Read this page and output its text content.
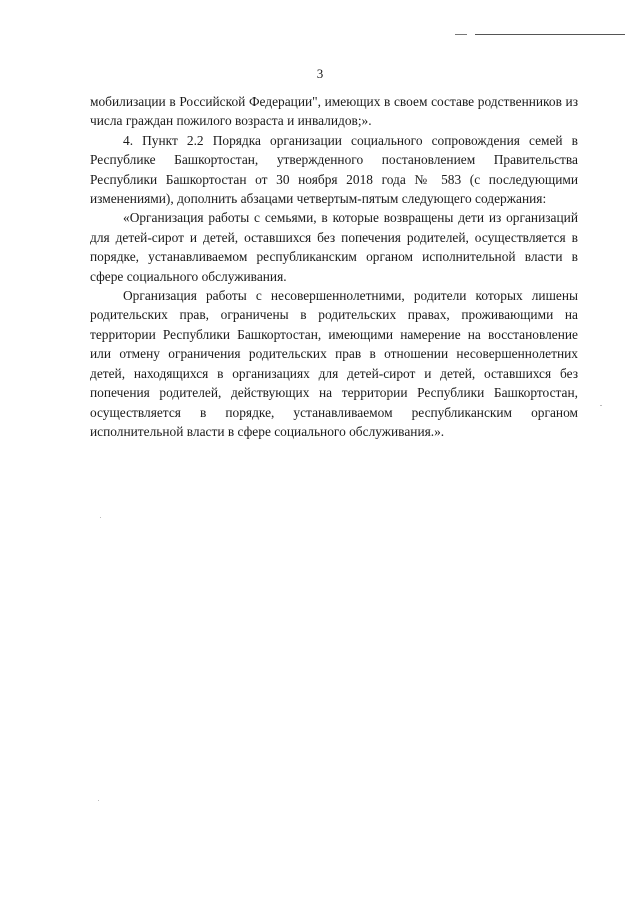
3

мобилизации в Российской Федерации", имеющих в своем составе родственников из числа граждан пожилого возраста и инвалидов;».

4. Пункт 2.2 Порядка организации социального сопровождения семей в Республике Башкортостан, утвержденного постановлением Правительства Республики Башкортостан от 30 ноября 2018 года № 583 (с последующими изменениями), дополнить абзацами четвертым-пятым следующего содержания:

«Организация работы с семьями, в которые возвращены дети из организаций для детей-сирот и детей, оставшихся без попечения родителей, осуществляется в порядке, устанавливаемом республиканским органом исполнительной власти в сфере социального обслуживания.

Организация работы с несовершеннолетними, родители которых лишены родительских прав, ограничены в родительских правах, проживающими на территории Республики Башкортостан, имеющими намерение на восстановление или отмену ограничения родительских прав в отношении несовершеннолетних детей, находящихся в организациях для детей-сирот и детей, оставшихся без попечения родителей, действующих на территории Республики Башкортостан, осуществляется в порядке, устанавливаемом республиканским органом исполнительной власти в сфере социального обслуживания.».
